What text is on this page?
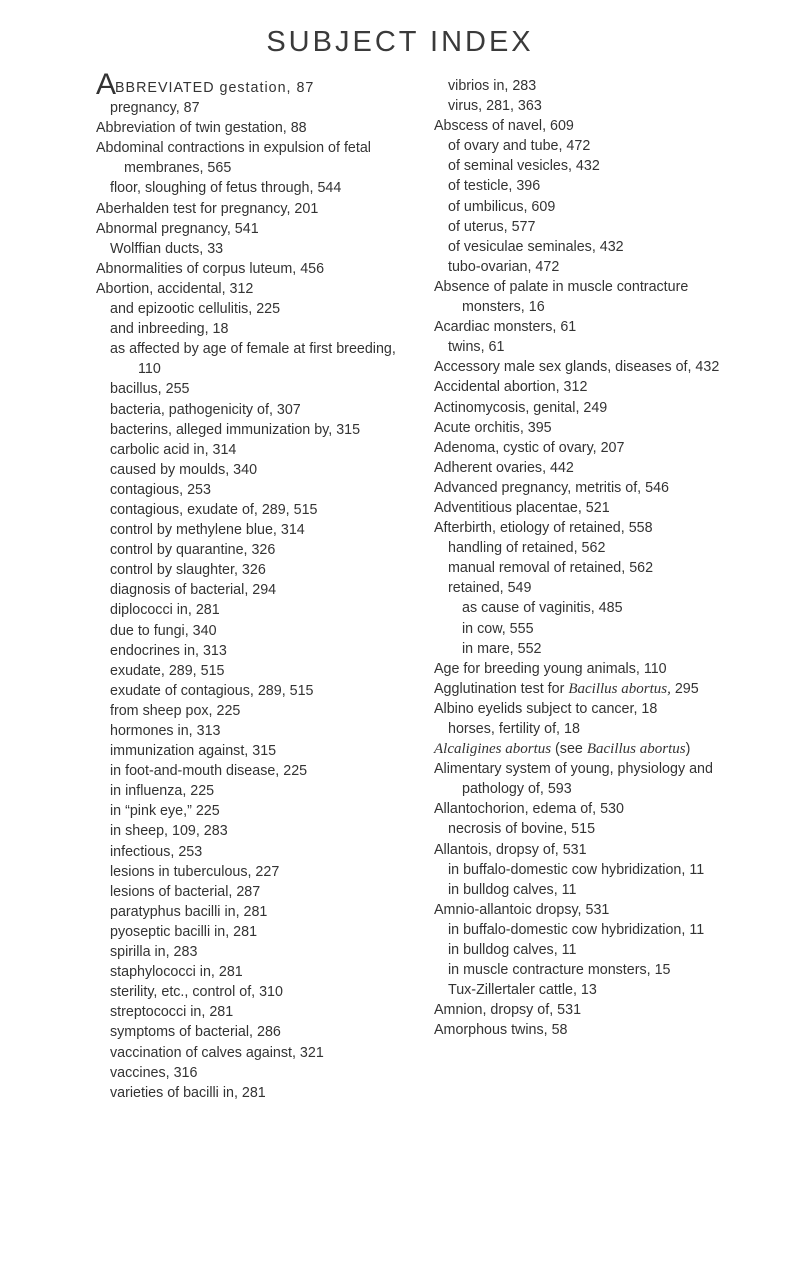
SUBJECT INDEX

ABBREVIATED gestation, 87

pregnancy, 87

Abbreviation of twin gestation, 88

Abdominal contractions in expulsion of fetal membranes, 565

floor, sloughing of fetus through, 544

Aberhalden test for pregnancy, 201

Abnormal pregnancy, 541

Wolffian ducts, 33

Abnormalities of corpus luteum, 456

Abortion, accidental, 312

and epizootic cellulitis, 225

and inbreeding, 18

as affected by age of female at first breeding, 110

bacillus, 255

bacteria, pathogenicity of, 307

bacterins, alleged immunization by, 315

carbolic acid in, 314

caused by moulds, 340

contagious, 253

contagious, exudate of, 289, 515

control by methylene blue, 314

control by quarantine, 326

control by slaughter, 326

diagnosis of bacterial, 294

diplococci in, 281

due to fungi, 340

endocrines in, 313

exudate, 289, 515

exudate of contagious, 289, 515

from sheep pox, 225

hormones in, 313

immunization against, 315

in foot-and-mouth disease, 225

in influenza, 225

in “pink eye,” 225

in sheep, 109, 283

infectious, 253

lesions in tuberculous, 227

lesions of bacterial, 287

paratyphus bacilli in, 281

pyoseptic bacilli in, 281

spirilla in, 283

staphylococci in, 281

sterility, etc., control of, 310

streptococci in, 281

symptoms of bacterial, 286

vaccination of calves against, 321

vaccines, 316

varieties of bacilli in, 281

vibrios in, 283

virus, 281, 363

Abscess of navel, 609

of ovary and tube, 472

of seminal vesicles, 432

of testicle, 396

of umbilicus, 609

of uterus, 577

of vesiculae seminales, 432

tubo-ovarian, 472

Absence of palate in muscle contracture monsters, 16

Acardiac monsters, 61

twins, 61

Accessory male sex glands, diseases of, 432

Accidental abortion, 312

Actinomycosis, genital, 249

Acute orchitis, 395

Adenoma, cystic of ovary, 207

Adherent ovaries, 442

Advanced pregnancy, metritis of, 546

Adventitious placentae, 521

Afterbirth, etiology of retained, 558

handling of retained, 562

manual removal of retained, 562

retained, 549

as cause of vaginitis, 485

in cow, 555

in mare, 552

Age for breeding young animals, 110

Agglutination test for Bacillus abortus, 295

Albino eyelids subject to cancer, 18

horses, fertility of, 18

Alcaligines abortus (see Bacillus abortus)

Alimentary system of young, physiology and pathology of, 593

Allantochorion, edema of, 530

necrosis of bovine, 515

Allantois, dropsy of, 531

in buffalo-domestic cow hybridization, 11

in bulldog calves, 11

Amnio-allantoic dropsy, 531

in buffalo-domestic cow hybridization, 11

in bulldog calves, 11

in muscle contracture monsters, 15

Tux-Zillertaler cattle, 13

Amnion, dropsy of, 531

Amorphous twins, 58
